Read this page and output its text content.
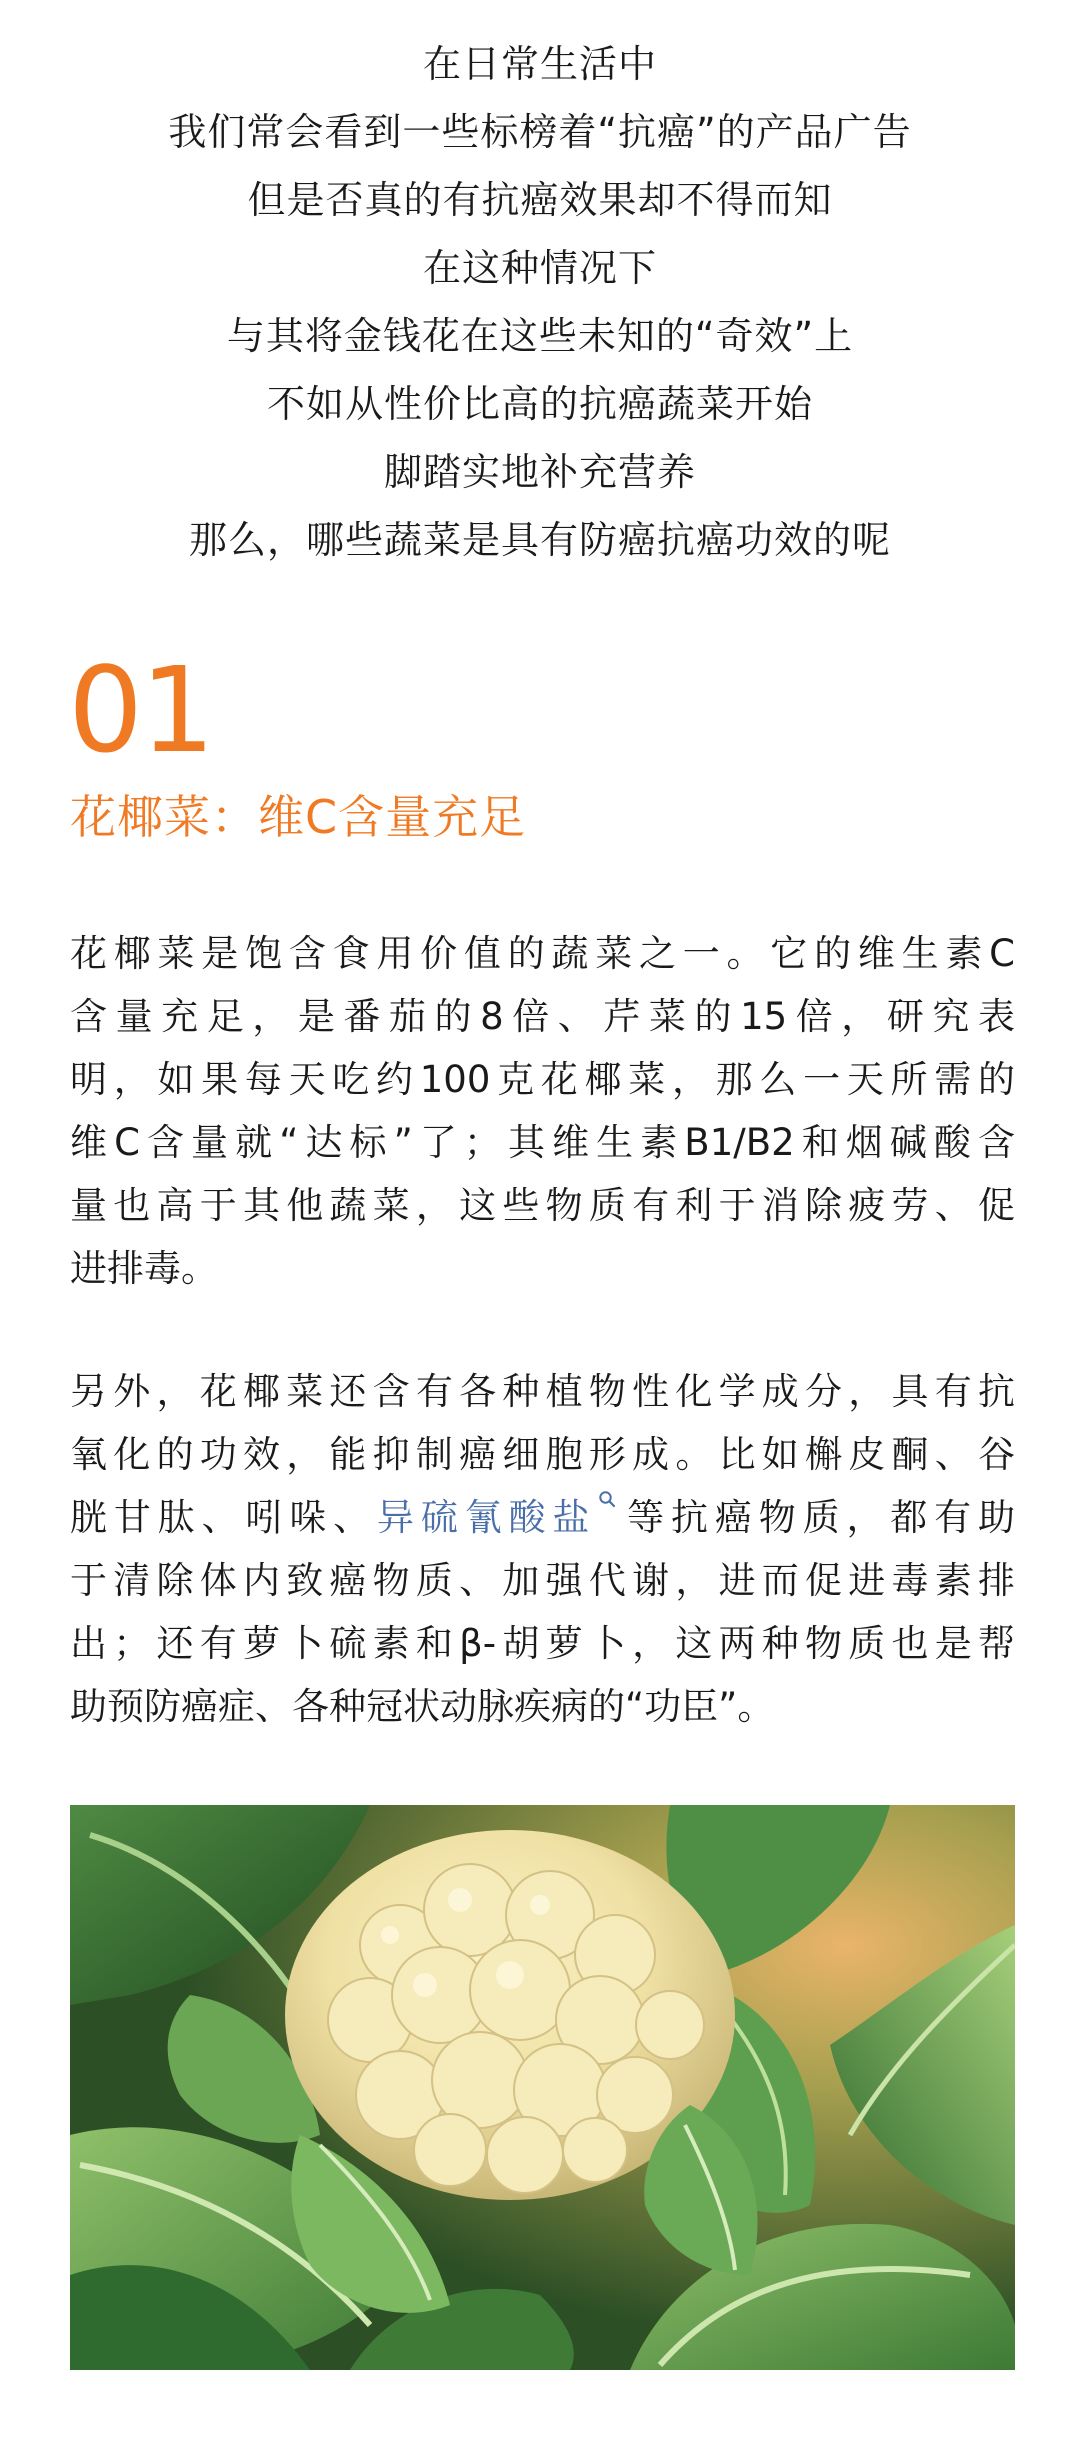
在日常生活中
我们常会看到一些标榜着“抗癌”的产品广告
但是否真的有抗癌效果却不得而知
在这种情况下
与其将金钱花在这些未知的“奇效”上
不如从性价比高的抗癌蔬菜开始
脚踏实地补充营养
那么，哪些蔬菜是具有防癌抗癌功效的呢
01
花椰菜：维C含量充足
花椰菜是饱含食用价值的蔬菜之一。它的维生素C
含量充足，是番茄的8倍、芹菜的15倍，研究表
明，如果每天吃约100克花椰菜，那么一天所需的
维C含量就“达标”了；其维生素B1/B2和烟碱酸含
量也高于其他蔬菜，这些物质有利于消除疲劳、促
进排毒。
另外，花椰菜还含有各种植物性化学成分，具有抗
氧化的功效，能抑制癌细胞形成。比如槲皮酮、谷
胱甘肽、吲哚、异硫氰酸盐 等抗癌物质，都有助
于清除体内致癌物质、加强代谢，进而促进毒素排
出；还有萝卜硫素和β-胡萝卜，这两种物质也是帮
助预防癌症、各种冠状动脉疾病的“功臣”。
